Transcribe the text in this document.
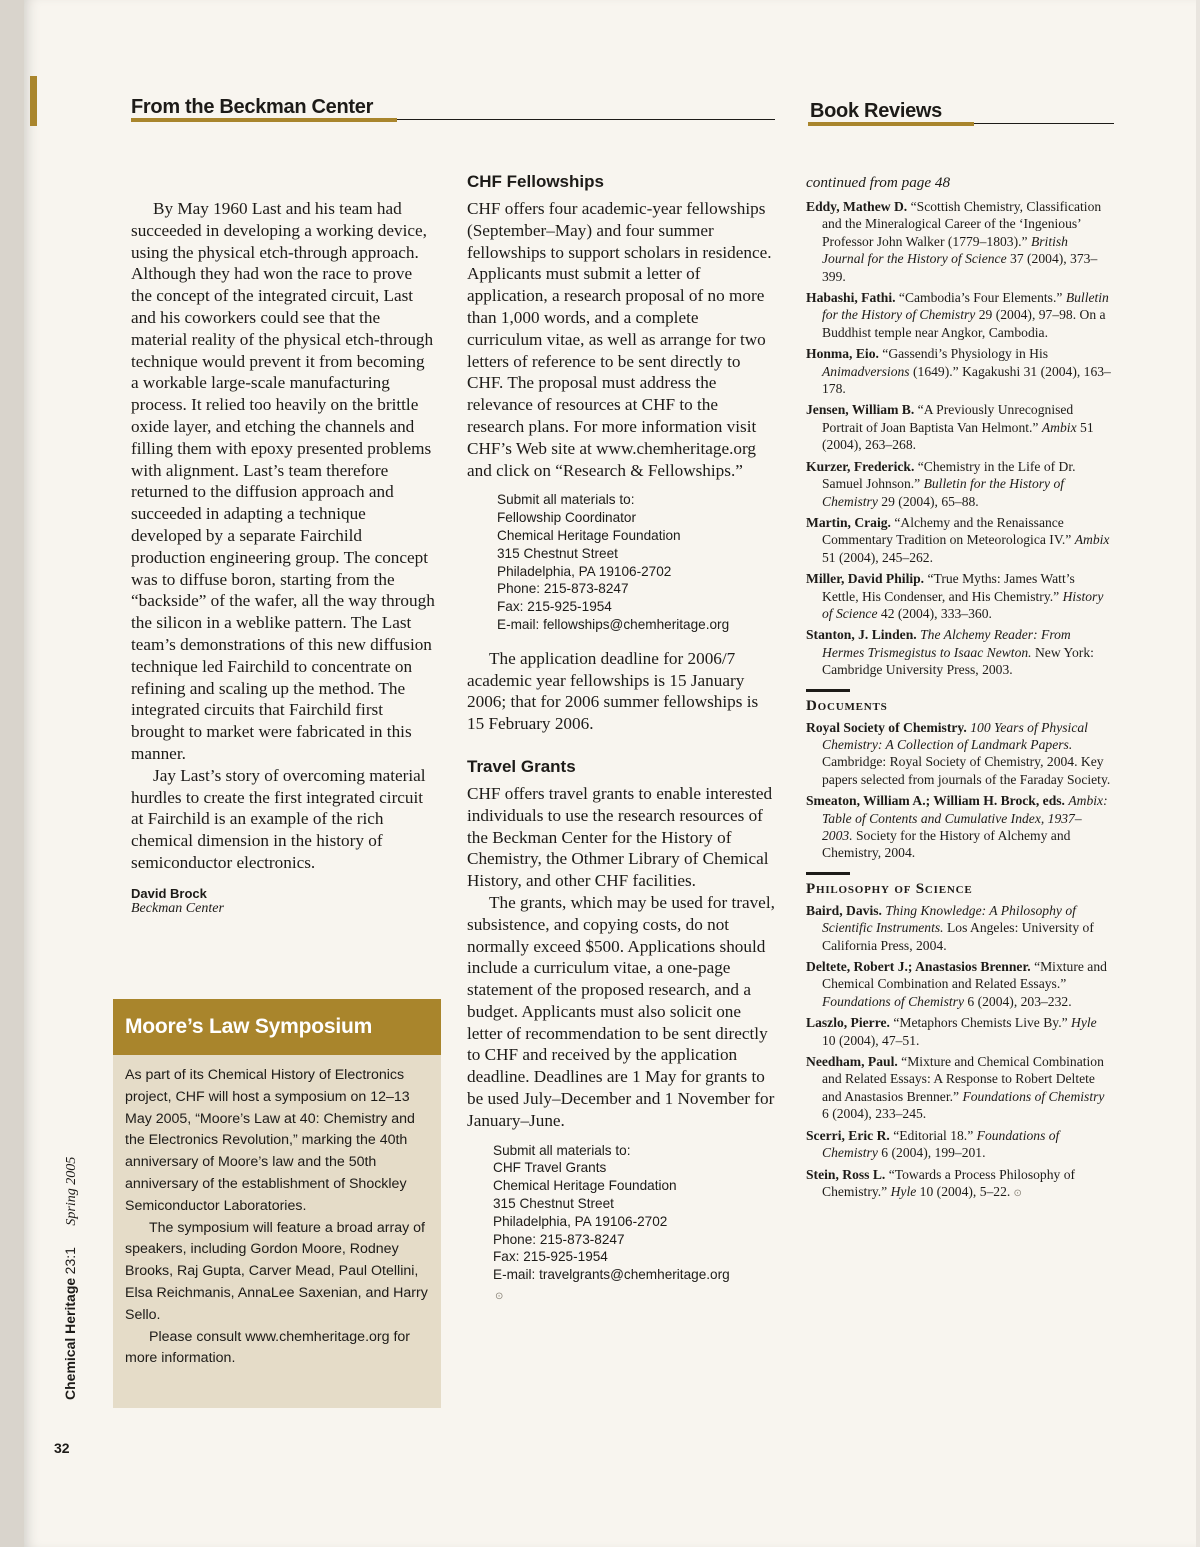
From the Beckman Center	Book Reviews

By May 1960 Last and his team had succeeded in developing a working device, using the physical etch-through approach. Although they had won the race to prove the concept of the integrated circuit, Last and his coworkers could see that the material reality of the physical etch-through technique would prevent it from becoming a workable large-scale manufacturing process. It relied too heavily on the brittle oxide layer, and etching the channels and filling them with epoxy presented problems with alignment. Last’s team therefore returned to the diffusion approach and succeeded in adapting a technique developed by a separate Fairchild production engineering group. The concept was to diffuse boron, starting from the “backside” of the wafer, all the way through the silicon in a weblike pattern. The Last team’s demonstrations of this new diffusion technique led Fairchild to concentrate on refining and scaling up the method. The integrated circuits that Fairchild first brought to market were fabricated in this manner.

Jay Last’s story of overcoming material hurdles to create the first integrated circuit at Fairchild is an example of the rich chemical dimension in the history of semiconductor electronics.

David Brock
Beckman Center
Moore’s Law Symposium

As part of its Chemical History of Electronics project, CHF will host a symposium on 12–13 May 2005, “Moore’s Law at 40: Chemistry and the Electronics Revolution,” marking the 40th anniversary of Moore’s law and the 50th anniversary of the establishment of Shockley Semiconductor Laboratories.

The symposium will feature a broad array of speakers, including Gordon Moore, Rodney Brooks, Raj Gupta, Carver Mead, Paul Otellini, Elsa Reichmanis, AnnaLee Saxenian, and Harry Sello.

Please consult www.chemheritage.org for more information.

CHF Fellowships

CHF offers four academic-year fellowships (September–May) and four summer fellowships to support scholars in residence. Applicants must submit a letter of application, a research proposal of no more than 1,000 words, and a complete curriculum vitae, as well as arrange for two letters of reference to be sent directly to CHF. The proposal must address the relevance of resources at CHF to the research plans. For more information visit CHF’s Web site at www.chemheritage.org and click on “Research & Fellowships.”

Submit all materials to:
Fellowship Coordinator
Chemical Heritage Foundation
315 Chestnut Street
Philadelphia, PA 19106-2702
Phone: 215-873-8247
Fax: 215-925-1954
E-mail: fellowships@chemheritage.org

The application deadline for 2006/7 academic year fellowships is 15 January 2006; that for 2006 summer fellowships is 15 February 2006.

Travel Grants

CHF offers travel grants to enable interested individuals to use the research resources of the Beckman Center for the History of Chemistry, the Othmer Library of Chemical History, and other CHF facilities.

The grants, which may be used for travel, subsistence, and copying costs, do not normally exceed $500. Applications should include a curriculum vitae, a one-page statement of the proposed research, and a budget. Applicants must also solicit one letter of recommendation to be sent directly to CHF and received by the application deadline. Deadlines are 1 May for grants to be used July–December and 1 November for January–June.

Submit all materials to:
CHF Travel Grants
Chemical Heritage Foundation
315 Chestnut Street
Philadelphia, PA 19106-2702
Phone: 215-873-8247
Fax: 215-925-1954
E-mail: travelgrants@chemheritage.org
⊙

continued from page 48

Eddy, Mathew D. “Scottish Chemistry, Classification and the Mineralogical Career of the ‘Ingenious’ Professor John Walker (1779–1803).” British Journal for the History of Science 37 (2004), 373–399.

Habashi, Fathi. “Cambodia’s Four Elements.” Bulletin for the History of Chemistry 29 (2004), 97–98. On a Buddhist temple near Angkor, Cambodia.

Honma, Eio. “Gassendi’s Physiology in His Animadversions (1649).” Kagakushi 31 (2004), 163–178.

Jensen, William B. “A Previously Unrecognised Portrait of Joan Baptista Van Helmont.” Ambix 51 (2004), 263–268.

Kurzer, Frederick. “Chemistry in the Life of Dr. Samuel Johnson.” Bulletin for the History of Chemistry 29 (2004), 65–88.

Martin, Craig. “Alchemy and the Renaissance Commentary Tradition on Meteorologica IV.” Ambix 51 (2004), 245–262.

Miller, David Philip. “True Myths: James Watt’s Kettle, His Condenser, and His Chemistry.” History of Science 42 (2004), 333–360.

Stanton, J. Linden. The Alchemy Reader: From Hermes Trismegistus to Isaac Newton. New York: Cambridge University Press, 2003.

Documents

Royal Society of Chemistry. 100 Years of Physical Chemistry: A Collection of Landmark Papers. Cambridge: Royal Society of Chemistry, 2004. Key papers selected from journals of the Faraday Society.

Smeaton, William A.; William H. Brock, eds. Ambix: Table of Contents and Cumulative Index, 1937–2003. Society for the History of Alchemy and Chemistry, 2004.

Philosophy of Science

Baird, Davis. Thing Knowledge: A Philosophy of Scientific Instruments. Los Angeles: University of California Press, 2004.

Deltete, Robert J.; Anastasios Brenner. “Mixture and Chemical Combination and Related Essays.” Foundations of Chemistry 6 (2004), 203–232.

Laszlo, Pierre. “Metaphors Chemists Live By.” Hyle 10 (2004), 47–51.

Needham, Paul. “Mixture and Chemical Combination and Related Essays: A Response to Robert Deltete and Anastasios Brenner.” Foundations of Chemistry 6 (2004), 233–245.

Scerri, Eric R. “Editorial 18.” Foundations of Chemistry 6 (2004), 199–201.

Stein, Ross L. “Towards a Process Philosophy of Chemistry.” Hyle 10 (2004), 5–22. ⊙

Chemical Heritage 23:1 Spring 2005
32
